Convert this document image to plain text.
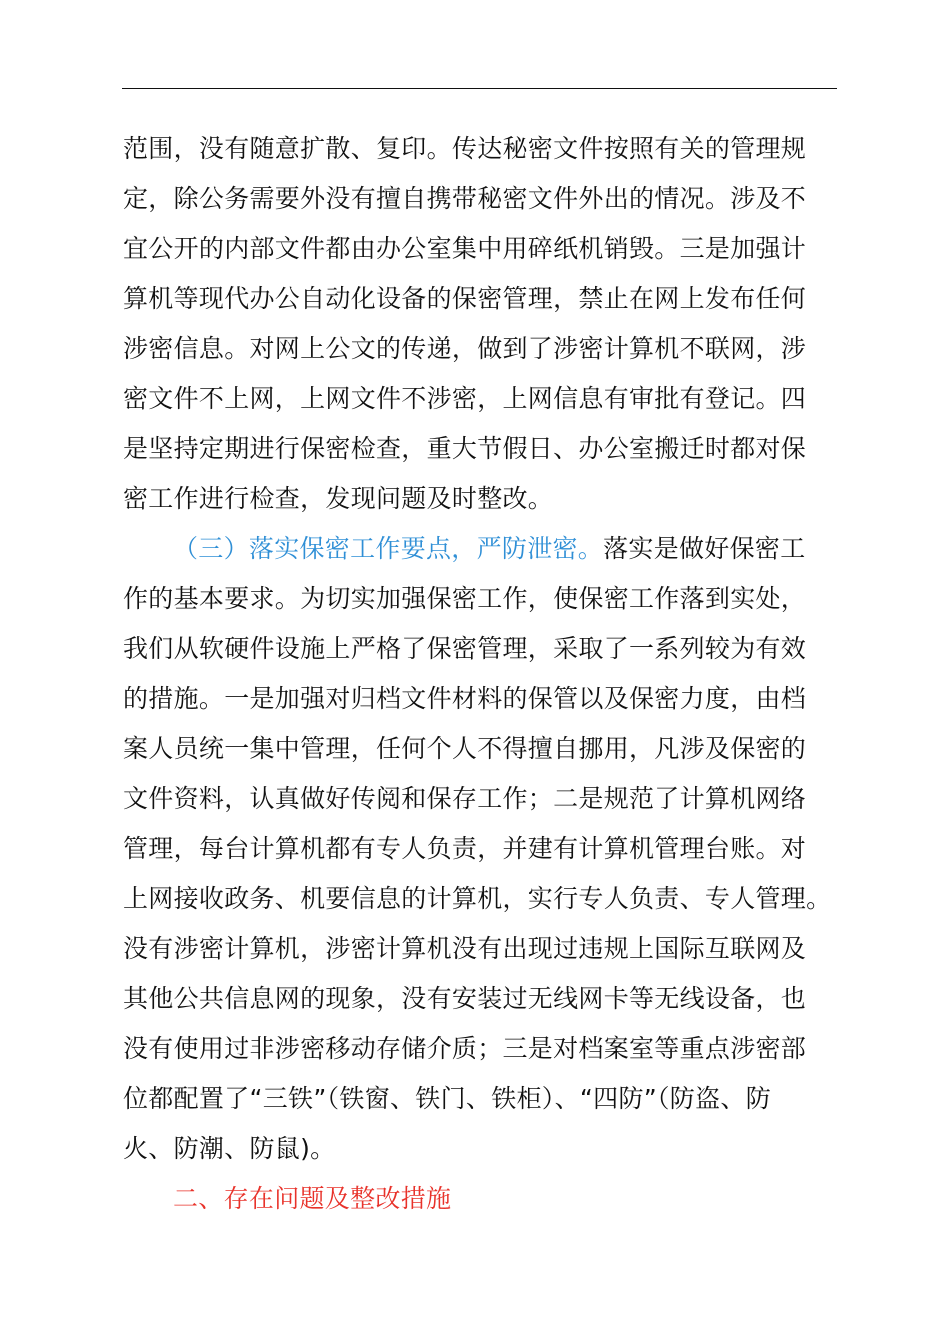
范围，没有随意扩散、复印。传达秘密文件按照有关的管理规
定，除公务需要外没有擅自携带秘密文件外出的情况。涉及不
宜公开的内部文件都由办公室集中用碎纸机销毁。三是加强计
算机等现代办公自动化设备的保密管理，禁止在网上发布任何
涉密信息。对网上公文的传递，做到了涉密计算机不联网，涉
密文件不上网，上网文件不涉密，上网信息有审批有登记。四
是坚持定期进行保密检查，重大节假日、办公室搬迁时都对保
密工作进行检查，发现问题及时整改。
（三）落实保密工作要点，严防泄密。落实是做好保密工
作的基本要求。为切实加强保密工作，使保密工作落到实处，
我们从软硬件设施上严格了保密管理，采取了一系列较为有效
的措施。一是加强对归档文件材料的保管以及保密力度，由档
案人员统一集中管理，任何个人不得擅自挪用，凡涉及保密的
文件资料，认真做好传阅和保存工作；二是规范了计算机网络
管理，每台计算机都有专人负责，并建有计算机管理台账。对
上网接收政务、机要信息的计算机，实行专人负责、专人管理。
没有涉密计算机，涉密计算机没有出现过违规上国际互联网及
其他公共信息网的现象，没有安装过无线网卡等无线设备，也
没有使用过非涉密移动存储介质；三是对档案室等重点涉密部
位都配置了“三铁”（铁窗、铁门、铁柜）、“四防”（防盗、防
火、防潮、防鼠)。
二、存在问题及整改措施
